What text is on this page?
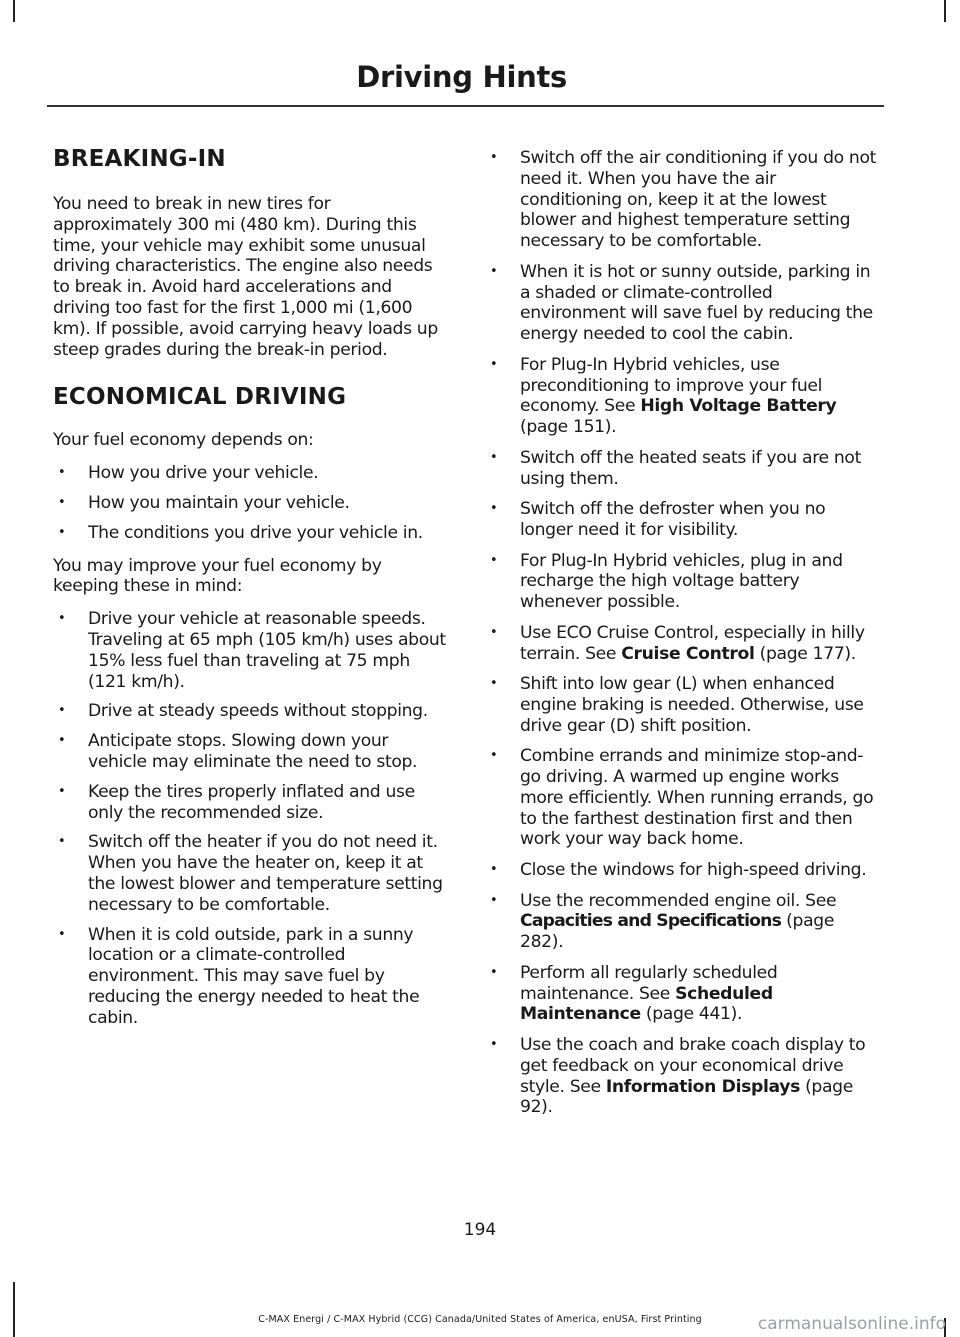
Driving Hints
BREAKING-IN

You need to break in new tires for approximately 300 mi (480 km). During this time, your vehicle may exhibit some unusual driving characteristics. The engine also needs to break in. Avoid hard accelerations and driving too fast for the first 1,000 mi (1,600 km). If possible, avoid carrying heavy loads up steep grades during the break-in period.

ECONOMICAL DRIVING

Your fuel economy depends on:

• How you drive your vehicle.
• How you maintain your vehicle.
• The conditions you drive your vehicle in.

You may improve your fuel economy by keeping these in mind:

• Drive your vehicle at reasonable speeds. Traveling at 65 mph (105 km/h) uses about 15% less fuel than traveling at 75 mph (121 km/h).
• Drive at steady speeds without stopping.
• Anticipate stops. Slowing down your vehicle may eliminate the need to stop.
• Keep the tires properly inflated and use only the recommended size.
• Switch off the heater if you do not need it. When you have the heater on, keep it at the lowest blower and temperature setting necessary to be comfortable.
• When it is cold outside, park in a sunny location or a climate-controlled environment. This may save fuel by reducing the energy needed to heat the cabin.
• Switch off the air conditioning if you do not need it. When you have the air conditioning on, keep it at the lowest blower and highest temperature setting necessary to be comfortable.
• When it is hot or sunny outside, parking in a shaded or climate-controlled environment will save fuel by reducing the energy needed to cool the cabin.
• For Plug-In Hybrid vehicles, use preconditioning to improve your fuel economy. See High Voltage Battery (page 151).
• Switch off the heated seats if you are not using them.
• Switch off the defroster when you no longer need it for visibility.
• For Plug-In Hybrid vehicles, plug in and recharge the high voltage battery whenever possible.
• Use ECO Cruise Control, especially in hilly terrain. See Cruise Control (page 177).
• Shift into low gear (L) when enhanced engine braking is needed. Otherwise, use drive gear (D) shift position.
• Combine errands and minimize stop-and-go driving. A warmed up engine works more efficiently. When running errands, go to the farthest destination first and then work your way back home.
• Close the windows for high-speed driving.
• Use the recommended engine oil. See Capacities and Specifications (page 282).
• Perform all regularly scheduled maintenance. See Scheduled Maintenance (page 441).
• Use the coach and brake coach display to get feedback on your economical drive style. See Information Displays (page 92).
194
C-MAX Energi / C-MAX Hybrid (CCG) Canada/United States of America, enUSA, First Printing	carmanualsonline.info
